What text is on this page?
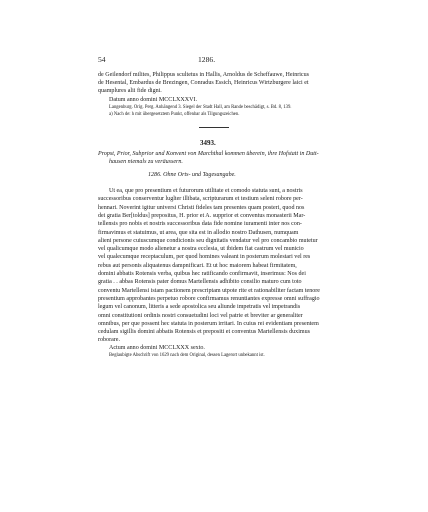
54	1286.
de Geilendorf milites, Philippus scultetus in Hallis, Arnoldus de Scheffauwe, Heinricus
de Hesental, Embardus de Brezingen, Conradus Essich, Heinricus Wirtzburgere laici et
quamplures alii fide digni.
Datum anno domini MCCLXXXVI.
Langenburg. Orig. Perg. Anhängend 3. Siegel der Stadt Hall, am Rande beschädigt, s. Bd. 8, 139.
a) Nach de: h mit übergesetztem Punkt, offenbar als Tilgungszeichen.
3493.
Propst, Prior, Subprior und Konvent von Marchthal kommen überein, ihre Hofstatt in Dutt-
hausen niemals zu veräussern.
1286. Ohne Orts- und Tagesangabe.
Ut ea, que pro presentium et futurorum utilitate et comodo statuta sunt, a nostris
successoribus conserventur luglter illibata, scripturarum et testium seleni robore per-
hennari. Noverint igitur universi Christi fideles tam presentes quam posteri, quod nos
dei gratia Ber[toldus] prepositus, H. prior et A. supprior et conventus monasterii Mar-
tellensis pro nobis et nostris successoribus data fide nomine iuramenti inter nos con-
firmavimus et statuimus, ut area, que sita est in allodio nostro Dathusen, numquam
alieni persone cuiuscumque condicionis seu dignitatis vendatur vel pro concambio mutetur
vel qualicumque modo alienetur a nostra ecclesia, ut ibidem fiat castrum vel municio
vel qualecumque receptaculum, per quod homines valeant in posterum molestari vel res
rebus aut personis aliquatenus dampnificari. Et ut hoc maiorem habeat firmitatem,
domini abbatis Rotensis verba, quibus hec ratificando confirmavit, inserimus: Nos dei
gratia . . abbas Rotensis pater domus Martellensis adhibito consilio maturo cum toto
conventu Martellensi istam pactionem prescriptam utpote rite et rationabiliter factam tenore
presentium approbantes perpetuo robore confirmamus renuntiantes expresse omni suffragio
legum vel canonum, litteris a sede apostolica seu aliunde impetratis vel impetrandis
omni constitutioni ordinis nostri consuetudini loci vel patrie et breviter ar generaliter
omnibus, per que possent hec statuta in posterum irritari. In cuius rei evidentiam presentem
cedulam sigillis domini abbatis Rotensis et prepositi et conventus Martellensis duximus
roborare.
Actum anno domini MCCLXXX sexto.
Beglaubigte Abschrift von 1629 nach dem Original, dessen Lagerort unbekannt ist.
